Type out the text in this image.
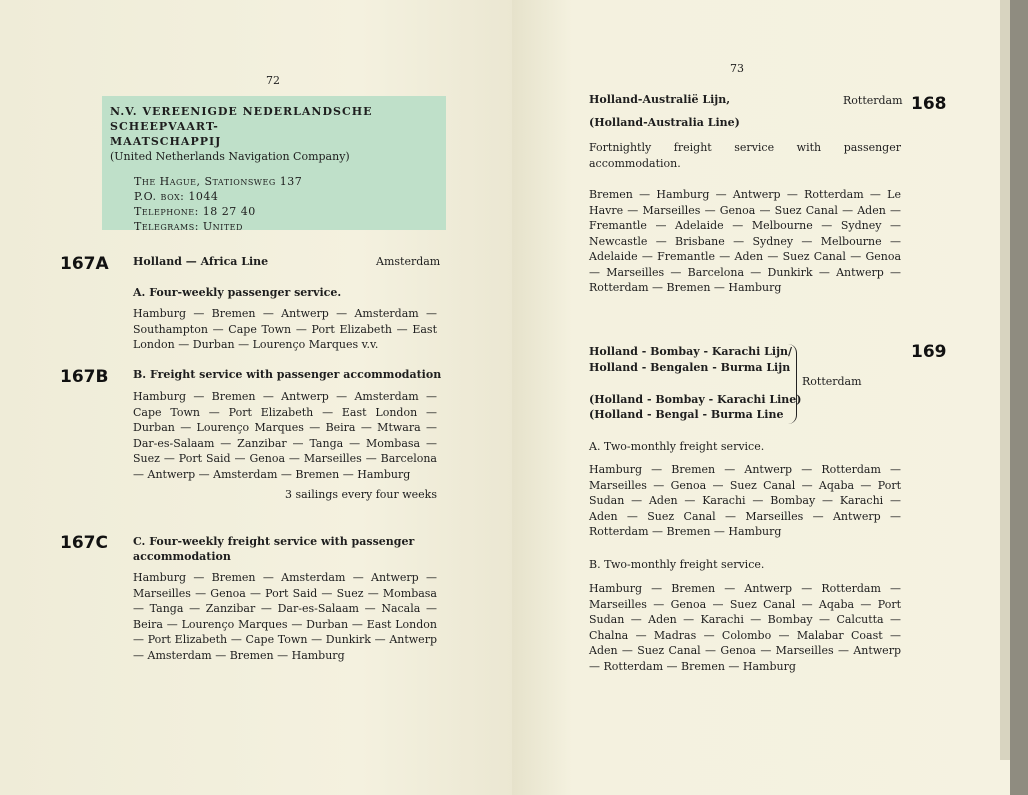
72
N.V. VEREENIGDE NEDERLANDSCHE SCHEEPVAART-
MAATSCHAPPIJ
(United Netherlands Navigation Company)
The Hague, Stationsweg 137
P.O. box: 1044
Telephone: 18 27 40
Telegrams: United
167A Holland — Africa Line	Amsterdam
A. Four-weekly passenger service.
Hamburg — Bremen — Antwerp — Amsterdam — Southampton — Cape Town — Port Elizabeth — East London — Durban — Lourenço Marques v.v.
167B B. Freight service with passenger accommodation
Hamburg — Bremen — Antwerp — Amsterdam — Cape Town — Port Elizabeth — East London — Durban — Lourenço Marques — Beira — Mtwara — Dar-es-Salaam — Zanzibar — Tanga — Mombasa — Suez — Port Said — Genoa — Marseilles — Barcelona — Antwerp — Amsterdam — Bremen — Hamburg
3 sailings every four weeks
167C C. Four-weekly freight service with passenger accommodation
Hamburg — Bremen — Amsterdam — Antwerp — Marseilles — Genoa — Port Said — Suez — Mombasa — Tanga — Zanzibar — Dar-es-Salaam — Nacala — Beira — Lourenço Marques — Durban — East London — Port Elizabeth — Cape Town — Dunkirk — Antwerp — Amsterdam — Bremen — Hamburg
73
Holland-Australië Lijn,	Rotterdam 168
(Holland-Australia Line)
Fortnightly freight service with passenger accommodation.
Bremen — Hamburg — Antwerp — Rotterdam — Le Havre — Marseilles — Genoa — Suez Canal — Aden — Fremantle — Adelaide — Melbourne — Sydney — Newcastle — Brisbane — Sydney — Melbourne — Adelaide — Fremantle — Aden — Suez Canal — Genoa — Marseilles — Barcelona — Dunkirk — Antwerp — Rotterdam — Bremen — Hamburg
Holland - Bombay - Karachi Lijn/
Holland - Bengalen - Burma Lijn
(Holland - Bombay - Karachi Line)
(Holland - Bengal - Burma Line
Rotterdam
169
A. Two-monthly freight service.
Hamburg — Bremen — Antwerp — Rotterdam — Marseilles — Genoa — Suez Canal — Aqaba — Port Sudan — Aden — Karachi — Bombay — Karachi — Aden — Suez Canal — Marseilles — Antwerp — Rotterdam — Bremen — Hamburg
B. Two-monthly freight service.
Hamburg — Bremen — Antwerp — Rotterdam — Marseilles — Genoa — Suez Canal — Aqaba — Port Sudan — Aden — Karachi — Bombay — Calcutta — Chalna — Madras — Colombo — Malabar Coast — Aden — Suez Canal — Genoa — Marseilles — Antwerp — Rotterdam — Bremen — Hamburg
